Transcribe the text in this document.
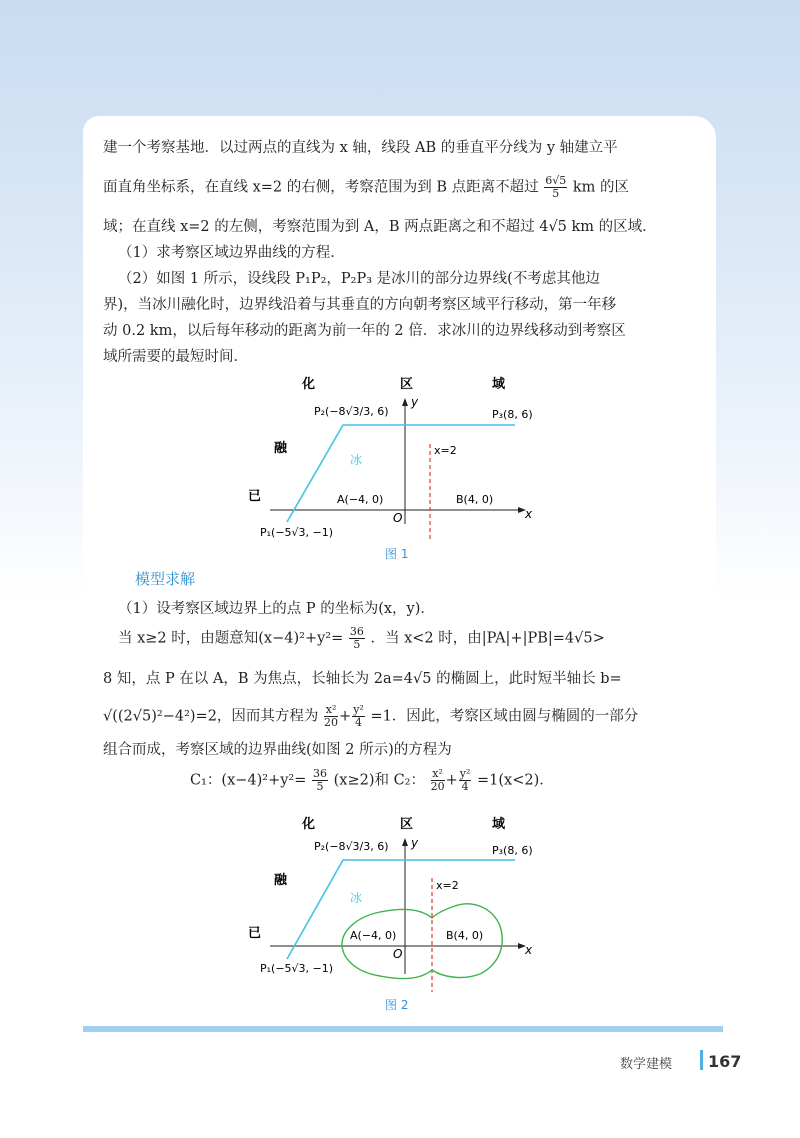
建一个考察基地．以过两点的直线为 x 轴，线段 AB 的垂直平分线为 y 轴建立平
面直角坐标系，在直线 x=2 的右侧，考察范围为到 B 点距离不超过 $\frac{6√5}{5}$ km 的区
域；在直线 x=2 的左侧，考察范围为到 A，B 两点距离之和不超过 4√5 km 的区域．
（1）求考察区域边界曲线的方程．
（2）如图 1 所示，设线段 P₁P₂，P₂P₃ 是冰川的部分边界线(不考虑其他边
界)，当冰川融化时，边界线沿着与其垂直的方向朝考察区域平行移动，第一年移
动 0.2 km，以后每年移动的距离为前一年的 2 倍．求冰川的边界线移动到考察区
域所需要的最短时间．
化	区	域
融
已
冰
y
x
O
x=2
P₂(−8√3/3, 6)	P₃(8, 6)
P₁(−5√3, −1)
A(−4, 0)	B(4, 0)
图 1
模型求解
（1）设考察区域边界上的点 P 的坐标为(x，y)．
当 x≥2 时，由题意知$(x-4)^2+y^2= \frac{36}{5}$ ．当 x<2 时，由|PA|+|PB|=4√5>
8 知，点 P 在以 A，B 为焦点，长轴长为 2a=4√5 的椭圆上，此时短半轴长 b=
√((2√5)²−4²)=2，因而其方程为 $\frac{\text{x²}}{20} + \frac{\text{y²}}{4} =1$．因此，考察区域由圆与椭圆的一部分
组合而成，考察区域的边界曲线(如图 2 所示)的方程为
C₁：$(x-4)^2+y^2= \frac{36}{5} (x\ge 2)$和 C₂： $\frac{\text{x²}}{20} + \frac{\text{y²}}{4} =1(x<2)$．
化	区	域
融
已
冰
y
x
O
x=2
P₂(−8√3/3, 6)	P₃(8, 6)
P₁(−5√3, −1)
A(−4, 0)	B(4, 0)
图 2
数学建模 167
